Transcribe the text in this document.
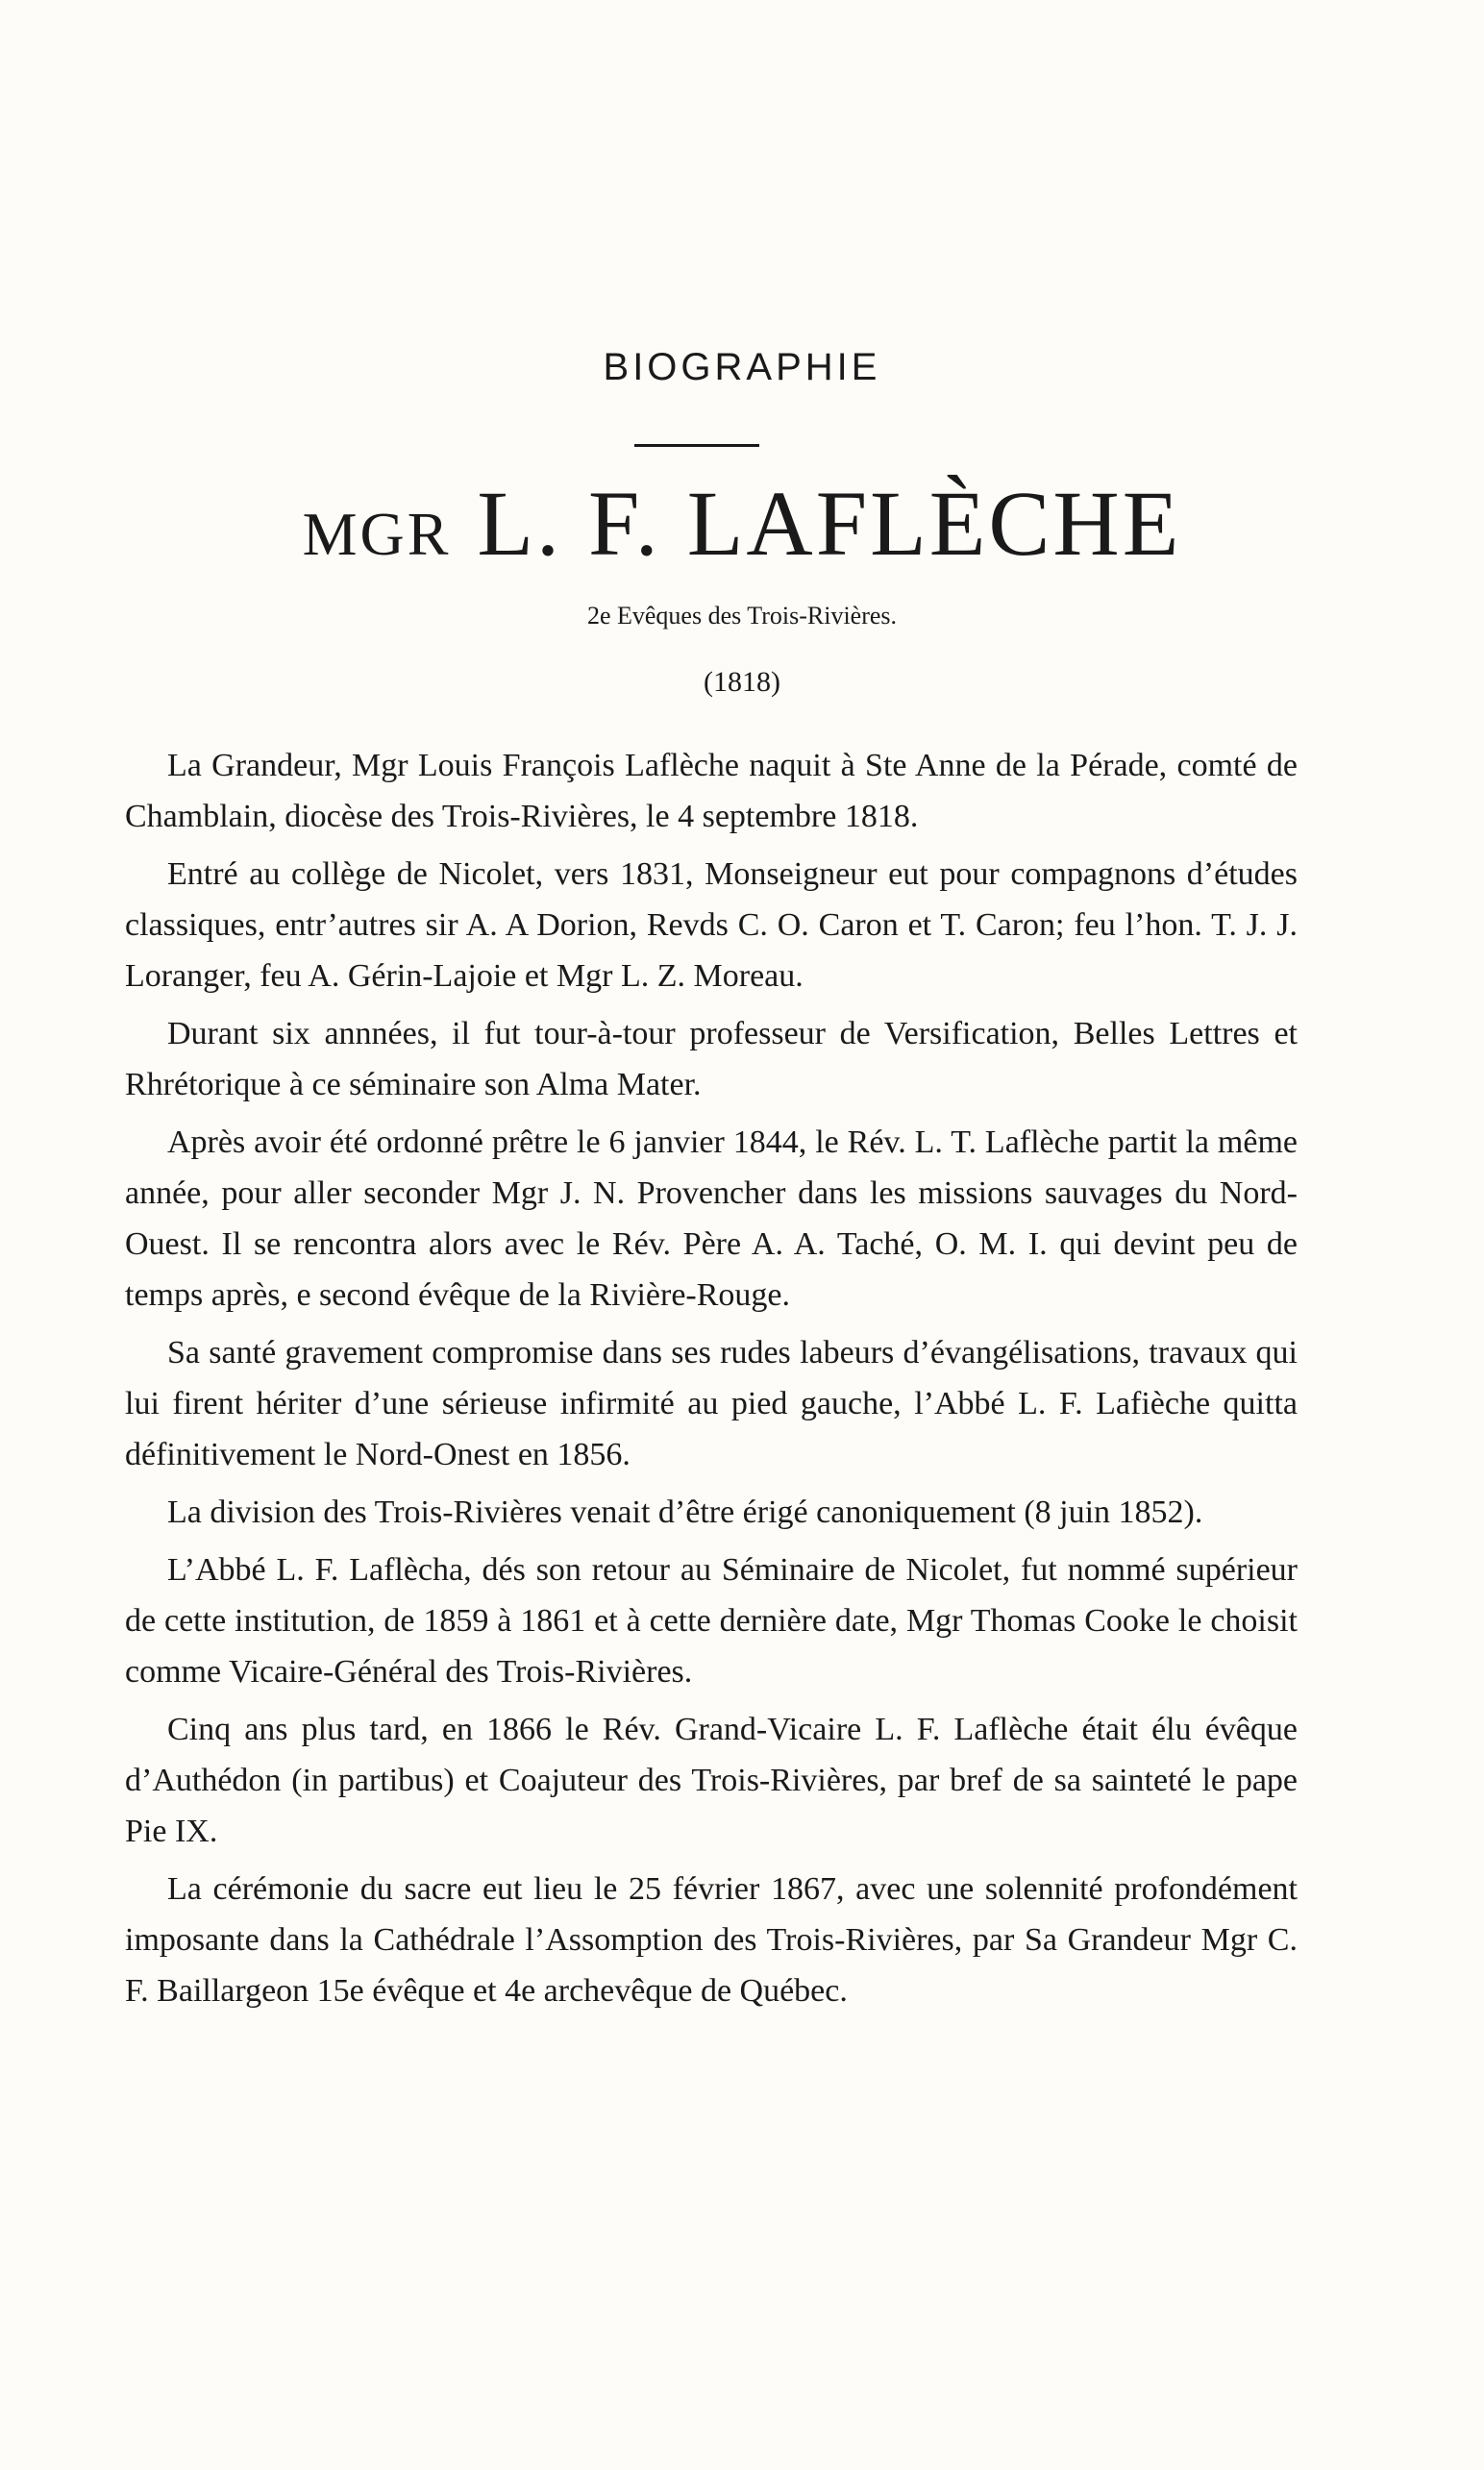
BIOGRAPHIE
MGR L. F. LAFLÈCHE
2e Evêques des Trois-Rivières.
(1818)

La Grandeur, Mgr Louis François Laflèche naquit à Ste Anne de la Pérade, comté de Chamblain, diocèse des Trois-Rivières, le 4 septembre 1818.

Entré au collège de Nicolet, vers 1831, Monseigneur eut pour compagnons d’études classiques, entr’autres sir A. A Dorion, Revds C. O. Caron et T. Caron; feu l’hon. T. J. J. Loranger, feu A. Gérin-Lajoie et Mgr L. Z. Moreau.

Durant six annnées, il fut tour-à-tour professeur de Versification, Belles Lettres et Rhrétorique à ce séminaire son Alma Mater.

Après avoir été ordonné prêtre le 6 janvier 1844, le Rév. L. T. Laflèche partit la même année, pour aller seconder Mgr J. N. Provencher dans les missions sauvages du Nord-Ouest. Il se rencontra alors avec le Rév. Père A. A. Taché, O. M. I. qui devint peu de temps après, e second évêque de la Rivière-Rouge.

Sa santé gravement compromise dans ses rudes labeurs d’évangélisations, travaux qui lui firent hériter d’une sérieuse infirmité au pied gauche, l’Abbé L. F. Lafièche quitta définitivement le Nord-Onest en 1856.

La division des Trois-Rivières venait d’être érigé canoniquement (8 juin 1852).

L’Abbé L. F. Laflècha, dés son retour au Séminaire de Nicolet, fut nommé supérieur de cette institution, de 1859 à 1861 et à cette dernière date, Mgr Thomas Cooke le choisit comme Vicaire-Général des Trois-Rivières.

Cinq ans plus tard, en 1866 le Rév. Grand-Vicaire L. F. Laflèche était élu évêque d’Authédon (in partibus) et Coajuteur des Trois-Rivières, par bref de sa sainteté le pape Pie IX.

La cérémonie du sacre eut lieu le 25 février 1867, avec une solennité profondément imposante dans la Cathédrale l’Assomption des Trois-Rivières, par Sa Grandeur Mgr C. F. Baillargeon 15e évêque et 4e archevêque de Québec.
